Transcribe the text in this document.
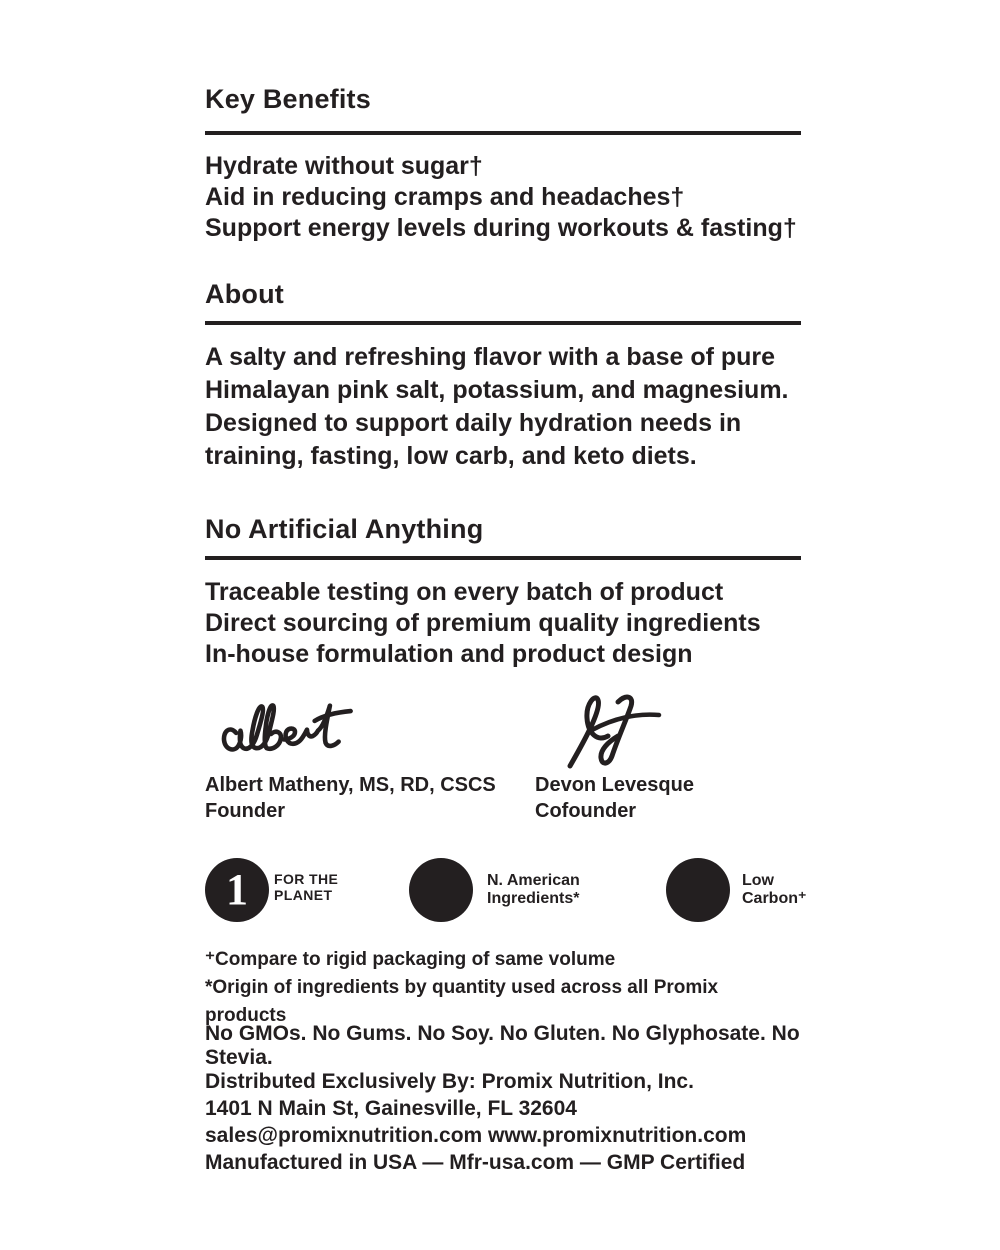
Key Benefits
Hydrate without sugar†
Aid in reducing cramps and headaches†
Support energy levels during workouts & fasting†
About
A salty and refreshing flavor with a base of pure
Himalayan pink salt, potassium, and magnesium.
Designed to support daily hydration needs in
training, fasting, low carb, and keto diets.
No Artificial Anything
Traceable testing on every batch of product
Direct sourcing of premium quality ingredients
In-house formulation and product design
Albert Matheny, MS, RD, CSCS
Founder
Devon Levesque
Cofounder
1 FOR THE
PLANET
N. American
Ingredients*
Low
Carbon⁺
⁺Compare to rigid packaging of same volume
*Origin of ingredients by quantity used across all Promix products
No GMOs. No Gums. No Soy. No Gluten. No Glyphosate. No Stevia.
Distributed Exclusively By: Promix Nutrition, Inc.
1401 N Main St, Gainesville, FL 32604
sales@promixnutrition.com www.promixnutrition.com
Manufactured in USA — Mfr-usa.com — GMP Certified
